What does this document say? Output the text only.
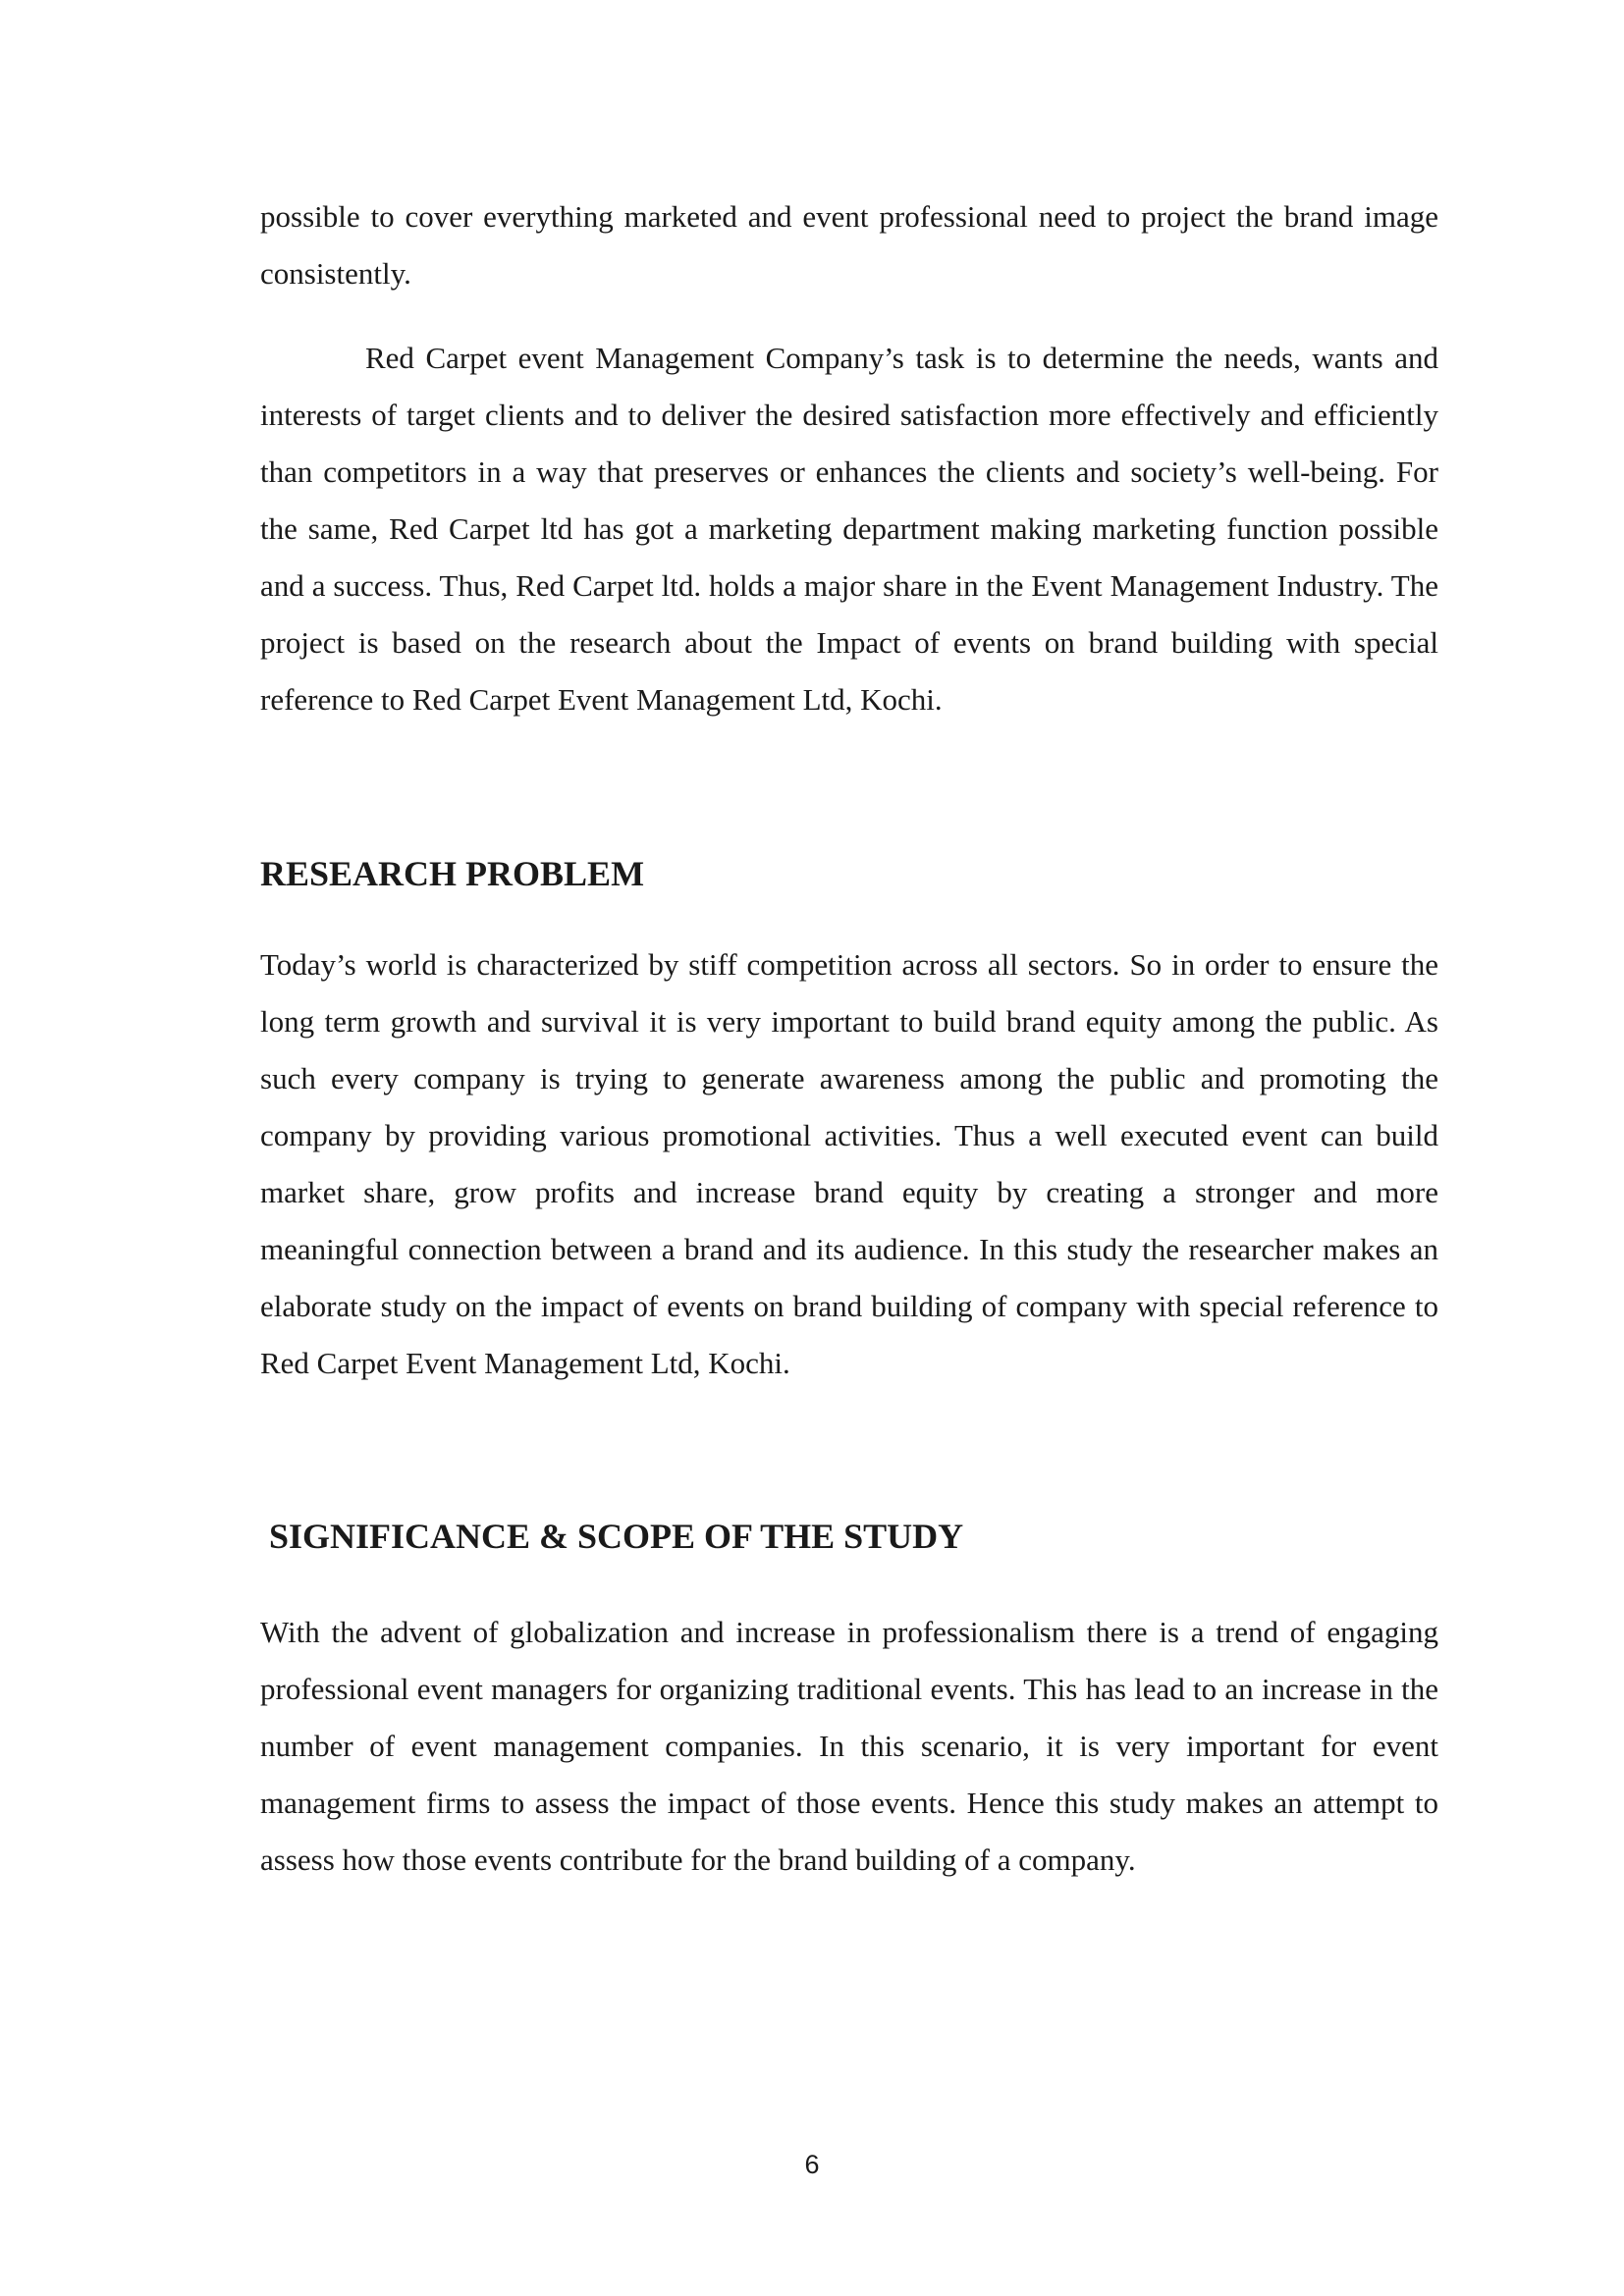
possible to cover everything marketed and event professional need to project the brand image consistently.

Red Carpet event Management Company’s task is to determine the needs, wants and interests of target clients and to deliver the desired satisfaction more effectively and efficiently than competitors in a way that preserves or enhances the clients and society’s well-being. For the same, Red Carpet ltd has got a marketing department making marketing function possible and a success. Thus, Red Carpet ltd. holds a major share in the Event Management Industry. The project is based on the research about the Impact of events on brand building with special reference to Red Carpet Event Management Ltd, Kochi.

RESEARCH PROBLEM

Today’s world is characterized by stiff competition across all sectors. So in order to ensure the long term growth and survival it is very important to build brand equity among the public. As such every company is trying to generate awareness among the public and promoting the company by providing various promotional activities. Thus a well executed event can build market share, grow profits and increase brand equity by creating a stronger and more meaningful connection between a brand and its audience. In this study the researcher makes an elaborate study on the impact of events on brand building of company with special reference to Red Carpet Event Management Ltd, Kochi.

SIGNIFICANCE & SCOPE OF THE STUDY

With the advent of globalization and increase in professionalism there is a trend of engaging professional event managers for organizing traditional events. This has lead to an increase in the number of event management companies. In this scenario, it is very important for event management firms to assess the impact of those events. Hence this study makes an attempt to assess how those events contribute for the brand building of a company.

6
